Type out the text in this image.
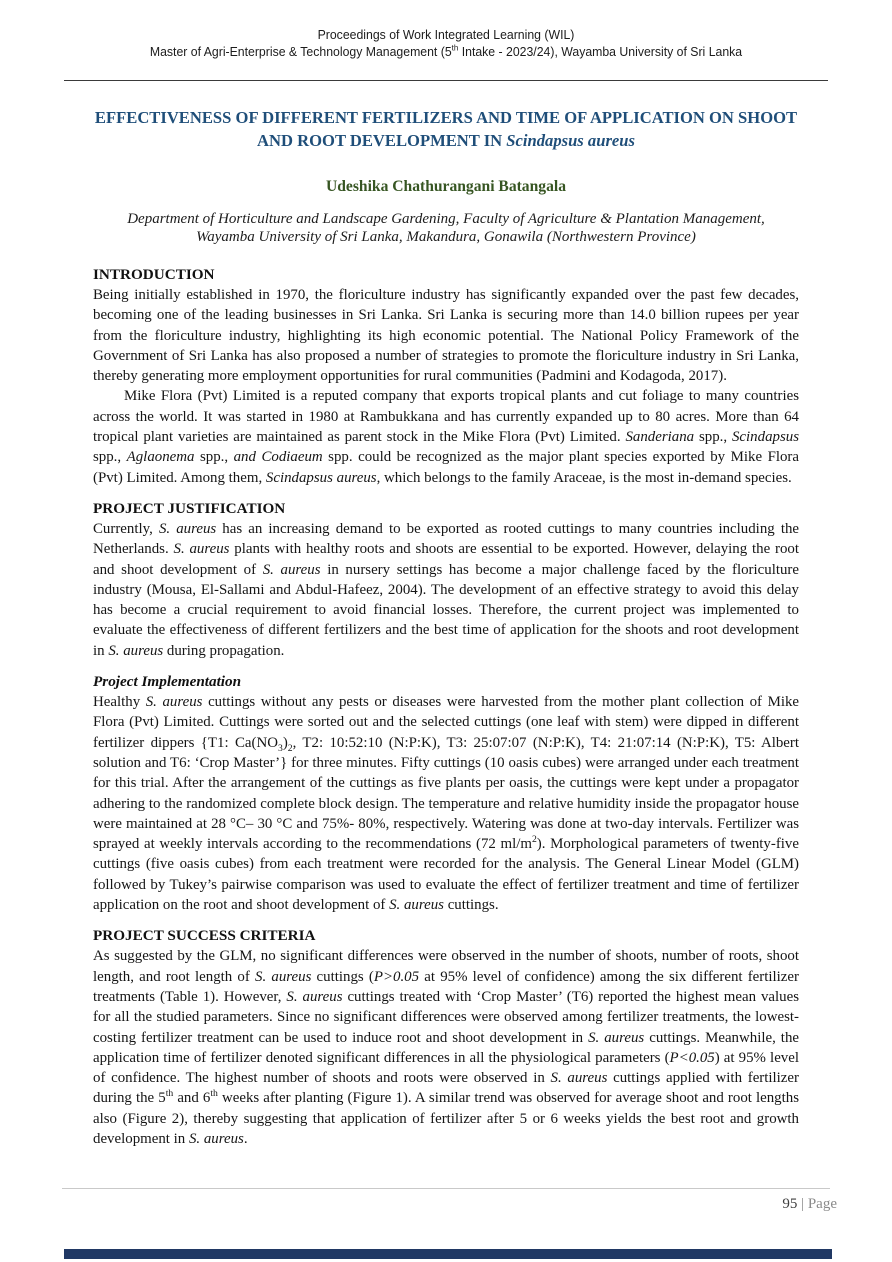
Proceedings of Work Integrated Learning (WIL)
Master of Agri-Enterprise & Technology Management (5th Intake - 2023/24), Wayamba University of Sri Lanka
EFFECTIVENESS OF DIFFERENT FERTILIZERS AND TIME OF APPLICATION ON SHOOT AND ROOT DEVELOPMENT IN Scindapsus aureus
Udeshika Chathurangani Batangala
Department of Horticulture and Landscape Gardening, Faculty of Agriculture & Plantation Management,
Wayamba University of Sri Lanka, Makandura, Gonawila (Northwestern Province)
INTRODUCTION

Being initially established in 1970, the floriculture industry has significantly expanded over the past few decades, becoming one of the leading businesses in Sri Lanka. Sri Lanka is securing more than 14.0 billion rupees per year from the floriculture industry, highlighting its high economic potential. The National Policy Framework of the Government of Sri Lanka has also proposed a number of strategies to promote the floriculture industry in Sri Lanka, thereby generating more employment opportunities for rural communities (Padmini and Kodagoda, 2017).

Mike Flora (Pvt) Limited is a reputed company that exports tropical plants and cut foliage to many countries across the world. It was started in 1980 at Rambukkana and has currently expanded up to 80 acres. More than 64 tropical plant varieties are maintained as parent stock in the Mike Flora (Pvt) Limited. Sanderiana spp., Scindapsus spp., Aglaonema spp., and Codiaeum spp. could be recognized as the major plant species exported by Mike Flora (Pvt) Limited. Among them, Scindapsus aureus, which belongs to the family Araceae, is the most in-demand species.

PROJECT JUSTIFICATION

Currently, S. aureus has an increasing demand to be exported as rooted cuttings to many countries including the Netherlands. S. aureus plants with healthy roots and shoots are essential to be exported. However, delaying the root and shoot development of S. aureus in nursery settings has become a major challenge faced by the floriculture industry (Mousa, El-Sallami and Abdul-Hafeez, 2004). The development of an effective strategy to avoid this delay has become a crucial requirement to avoid financial losses. Therefore, the current project was implemented to evaluate the effectiveness of different fertilizers and the best time of application for the shoots and root development in S. aureus during propagation.

Project Implementation

Healthy S. aureus cuttings without any pests or diseases were harvested from the mother plant collection of Mike Flora (Pvt) Limited. Cuttings were sorted out and the selected cuttings (one leaf with stem) were dipped in different fertilizer dippers {T1: $Ca(NO_3)_2$, T2: 10:52:10 (N:P:K), T3: 25:07:07 (N:P:K), T4: 21:07:14 (N:P:K), T5: Albert solution and T6: ‘Crop Master’} for three minutes. Fifty cuttings (10 oasis cubes) were arranged under each treatment for this trial. After the arrangement of the cuttings as five plants per oasis, the cuttings were kept under a propagator adhering to the randomized complete block design. The temperature and relative humidity inside the propagator house were maintained at 28 °C– 30 °C and 75%- 80%, respectively. Watering was done at two-day intervals. Fertilizer was sprayed at weekly intervals according to the recommendations (72 $ml/m^2$). Morphological parameters of twenty-five cuttings (five oasis cubes) from each treatment were recorded for the analysis. The General Linear Model (GLM) followed by Tukey’s pairwise comparison was used to evaluate the effect of fertilizer treatment and time of fertilizer application on the root and shoot development of S. aureus cuttings.

PROJECT SUCCESS CRITERIA

As suggested by the GLM, no significant differences were observed in the number of shoots, number of roots, shoot length, and root length of S. aureus cuttings (P>0.05 at 95% level of confidence) among the six different fertilizer treatments (Table 1). However, S. aureus cuttings treated with ‘Crop Master’ (T6) reported the highest mean values for all the studied parameters. Since no significant differences were observed among fertilizer treatments, the lowest-costing fertilizer treatment can be used to induce root and shoot development in S. aureus cuttings. Meanwhile, the application time of fertilizer denoted significant differences in all the physiological parameters (P<0.05) at 95% level of confidence. The highest number of shoots and roots were observed in S. aureus cuttings applied with fertilizer during the 5th and 6th weeks after planting (Figure 1). A similar trend was observed for average shoot and root lengths also (Figure 2), thereby suggesting that application of fertilizer after 5 or 6 weeks yields the best root and growth development in S. aureus.

95 | Page
